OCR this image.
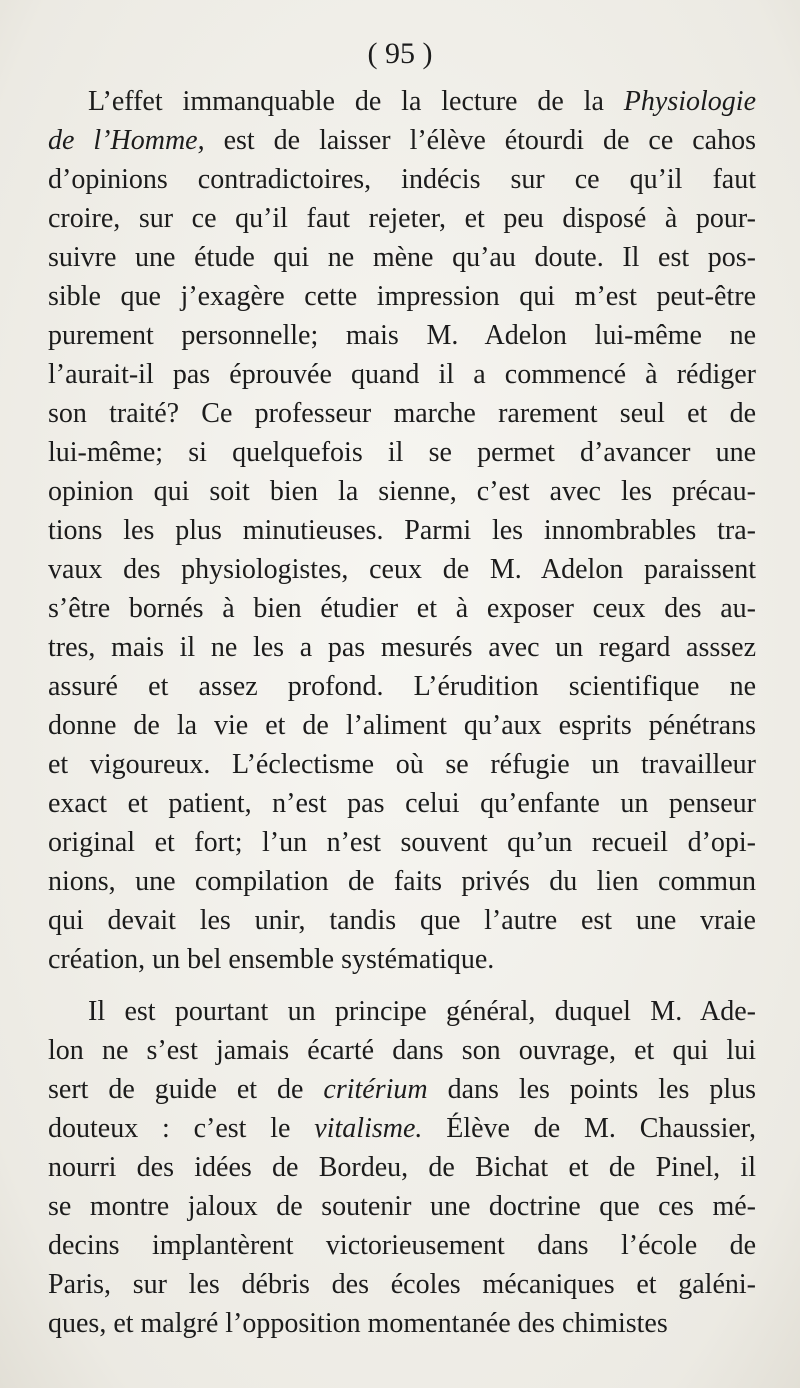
( 95 )
L’effet immanquable de la lecture de la Physiologie
de l’Homme, est de laisser l’élève étourdi de ce cahos
d’opinions contradictoires, indécis sur ce qu’il faut
croire, sur ce qu’il faut rejeter, et peu disposé à pour-
suivre une étude qui ne mène qu’au doute. Il est pos-
sible que j’exagère cette impression qui m’est peut-être
purement personnelle; mais M. Adelon lui-même ne
l’aurait-il pas éprouvée quand il a commencé à rédiger
son traité? Ce professeur marche rarement seul et de
lui-même; si quelquefois il se permet d’avancer une
opinion qui soit bien la sienne, c’est avec les précau-
tions les plus minutieuses. Parmi les innombrables tra-
vaux des physiologistes, ceux de M. Adelon paraissent
s’être bornés à bien étudier et à exposer ceux des au-
tres, mais il ne les a pas mesurés avec un regard asssez
assuré et assez profond. L’érudition scientifique ne
donne de la vie et de l’aliment qu’aux esprits pénétrans
et vigoureux. L’éclectisme où se réfugie un travailleur
exact et patient, n’est pas celui qu’enfante un penseur
original et fort; l’un n’est souvent qu’un recueil d’opi-
nions, une compilation de faits privés du lien commun
qui devait les unir, tandis que l’autre est une vraie
création, un bel ensemble systématique.
Il est pourtant un principe général, duquel M. Ade-
lon ne s’est jamais écarté dans son ouvrage, et qui lui
sert de guide et de critérium dans les points les plus
douteux : c’est le vitalisme. Élève de M. Chaussier,
nourri des idées de Bordeu, de Bichat et de Pinel, il
se montre jaloux de soutenir une doctrine que ces mé-
decins implantèrent victorieusement dans l’école de
Paris, sur les débris des écoles mécaniques et galéni-
ques, et malgré l’opposition momentanée des chimistes
